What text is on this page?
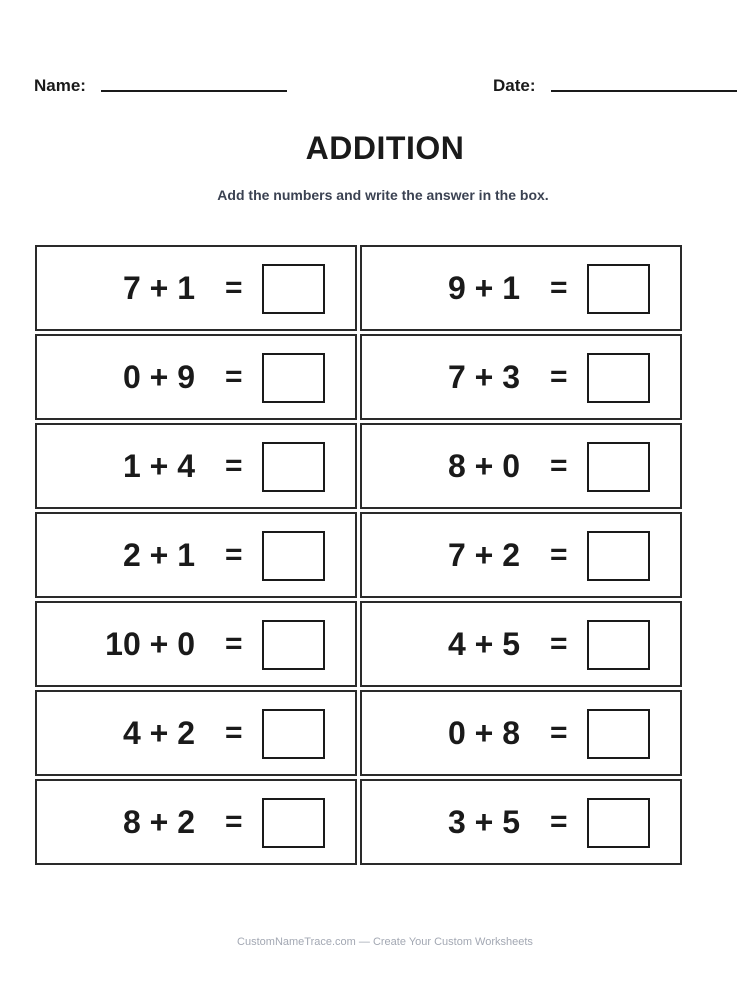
Name:	Date:
ADDITION
Add the numbers and write the answer in the box.
7 + 1 =	9 + 1 =
0 + 9 =	7 + 3 =
1 + 4 =	8 + 0 =
2 + 1 =	7 + 2 =
10 + 0 =	4 + 5 =
4 + 2 =	0 + 8 =
8 + 2 =	3 + 5 =
CustomNameTrace.com — Create Your Custom Worksheets
